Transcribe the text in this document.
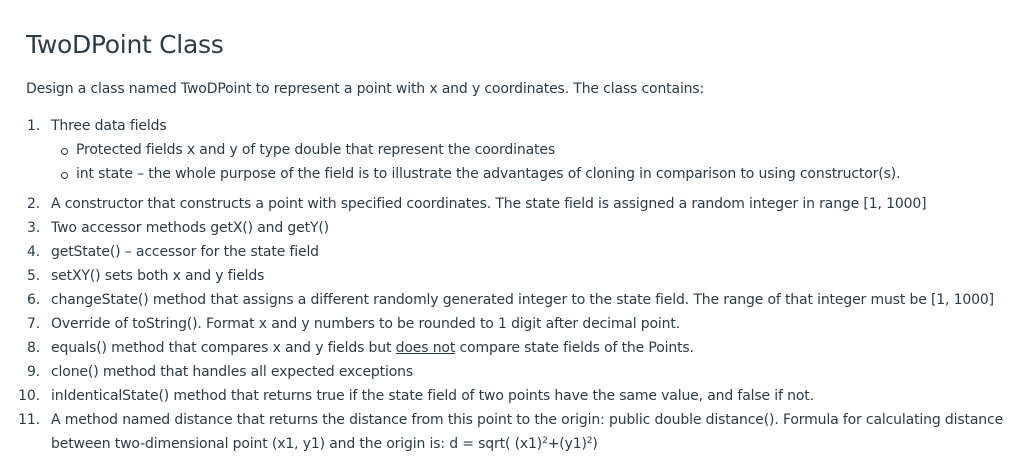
TwoDPoint Class

Design a class named TwoDPoint to represent a point with x and y coordinates. The class contains:

1. Three data fields
Protected fields x and y of type double that represent the coordinates
int state – the whole purpose of the field is to illustrate the advantages of cloning in comparison to using constructor(s).
2. A constructor that constructs a point with specified coordinates. The state field is assigned a random integer in range [1, 1000]
3. Two accessor methods getX() and getY()
4. getState() – accessor for the state field
5. setXY() sets both x and y fields
6. changeState() method that assigns a different randomly generated integer to the state field. The range of that integer must be [1, 1000]
7. Override of toString(). Format x and y numbers to be rounded to 1 digit after decimal point.
8. equals() method that compares x and y fields but does not compare state fields of the Points.
9. clone() method that handles all expected exceptions
10. inIdenticalState() method that returns true if the state field of two points have the same value, and false if not.
11. A method named distance that returns the distance from this point to the origin: public double distance(). Formula for calculating distance
between two-dimensional point (x1, y1) and the origin is: d = sqrt( $(x1)^2+(y1)^2$)
